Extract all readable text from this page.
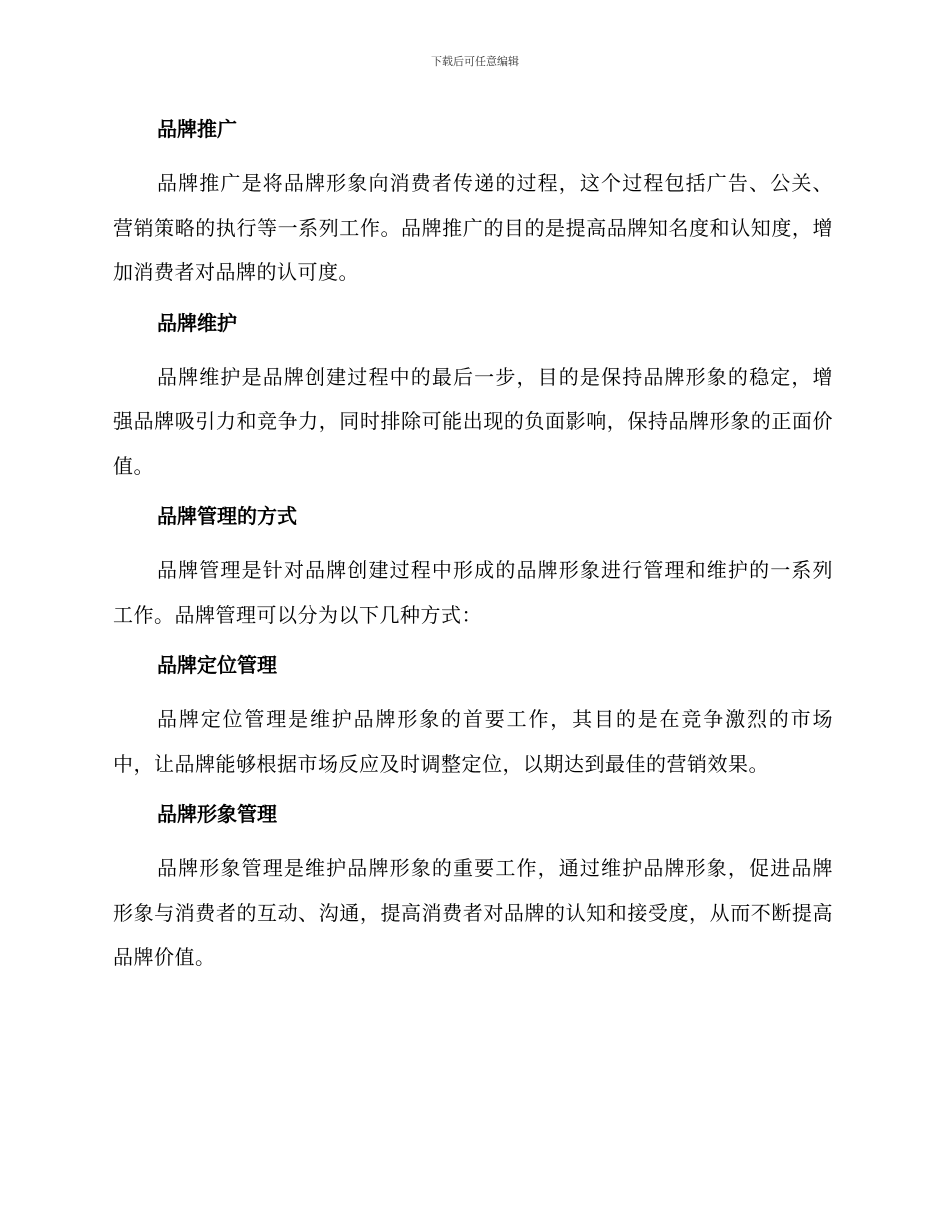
下载后可任意编辑

品牌推广

品牌推广是将品牌形象向消费者传递的过程，这个过程包括广告、公关、营销策略的执行等一系列工作。品牌推广的目的是提高品牌知名度和认知度，增加消费者对品牌的认可度。

品牌维护

品牌维护是品牌创建过程中的最后一步，目的是保持品牌形象的稳定，增强品牌吸引力和竞争力，同时排除可能出现的负面影响，保持品牌形象的正面价值。

品牌管理的方式

品牌管理是针对品牌创建过程中形成的品牌形象进行管理和维护的一系列工作。品牌管理可以分为以下几种方式：

品牌定位管理

品牌定位管理是维护品牌形象的首要工作，其目的是在竞争激烈的市场中，让品牌能够根据市场反应及时调整定位，以期达到最佳的营销效果。

品牌形象管理

品牌形象管理是维护品牌形象的重要工作，通过维护品牌形象，促进品牌形象与消费者的互动、沟通，提高消费者对品牌的认知和接受度，从而不断提高品牌价值。
